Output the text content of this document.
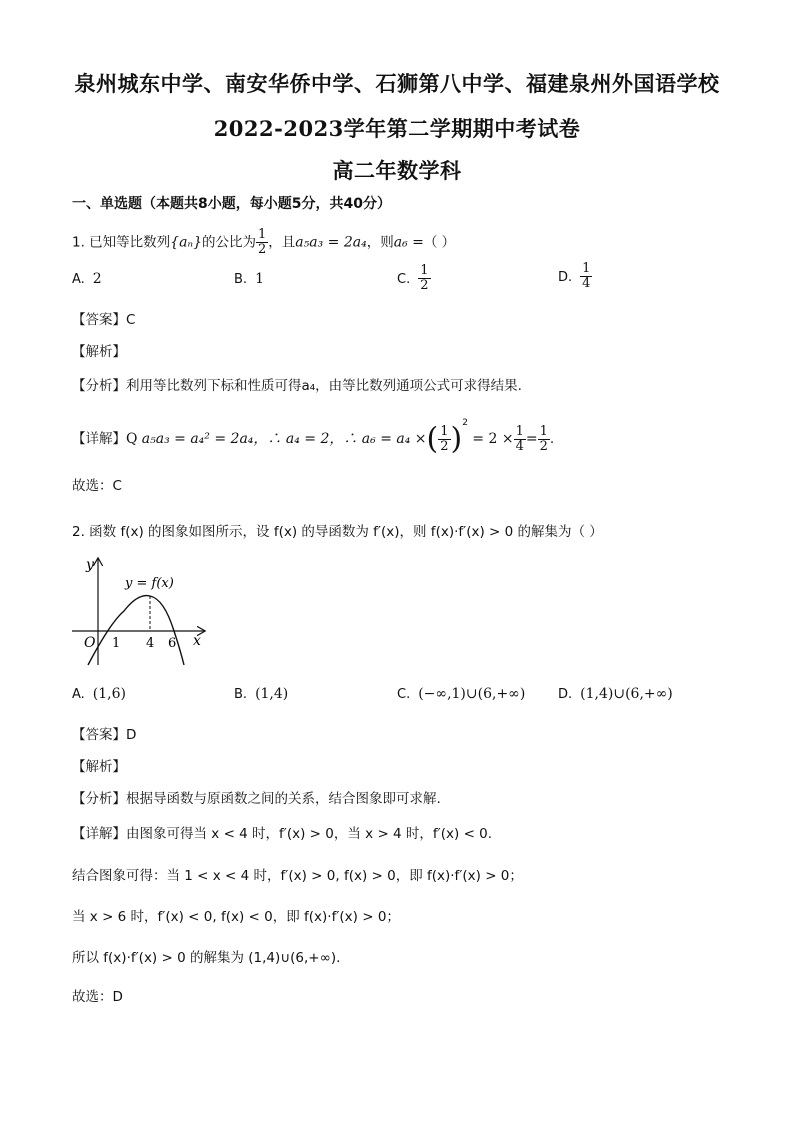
泉州城东中学、南安华侨中学、石狮第八中学、福建泉州外国语学校
2022-2023学年第二学期期中考试卷
高二年数学科
一、单选题（本题共8小题，每小题5分，共40分）
1. 已知等比数列{aₙ}的公比为 $\frac{1}{2}$ ，且a₅a₃ = 2a₄，则a₆ =（ ）
A. 2	B. 1	C. $\frac{1}{2}$	D. $\frac{1}{4}$
【答案】C
【解析】
【分析】利用等比数列下标和性质可得a₄，由等比数列通项公式可求得结果.
【详解】Q a₅a₃ = a₄² = 2a₄，∴ a₄ = 2，∴ a₆ = a₄ ×( $\frac{1}{2} )^2 = 2 \times \frac{1}{4} = \frac{1}{2}$ .
故选：C
2. 函数 f(x) 的图象如图所示，设 f(x) 的导函数为 f′(x)，则 f(x)·f′(x) > 0 的解集为（ ）
y
x
O
y = f(x)
1 4 6
A. (1,6)	B. (1,4)	C. (−∞,1)∪(6,+∞)	D. (1,4)∪(6,+∞)
【答案】D
【解析】
【分析】根据导函数与原函数之间的关系，结合图象即可求解.
【详解】由图象可得当 x < 4 时，f′(x) > 0，当 x > 4 时，f′(x) < 0.
结合图象可得：当 1 < x < 4 时，f′(x) > 0, f(x) > 0，即 f(x)·f′(x) > 0；
当 x > 6 时，f′(x) < 0, f(x) < 0，即 f(x)·f′(x) > 0；
所以 f(x)·f′(x) > 0 的解集为 (1,4)∪(6,+∞).
故选：D
